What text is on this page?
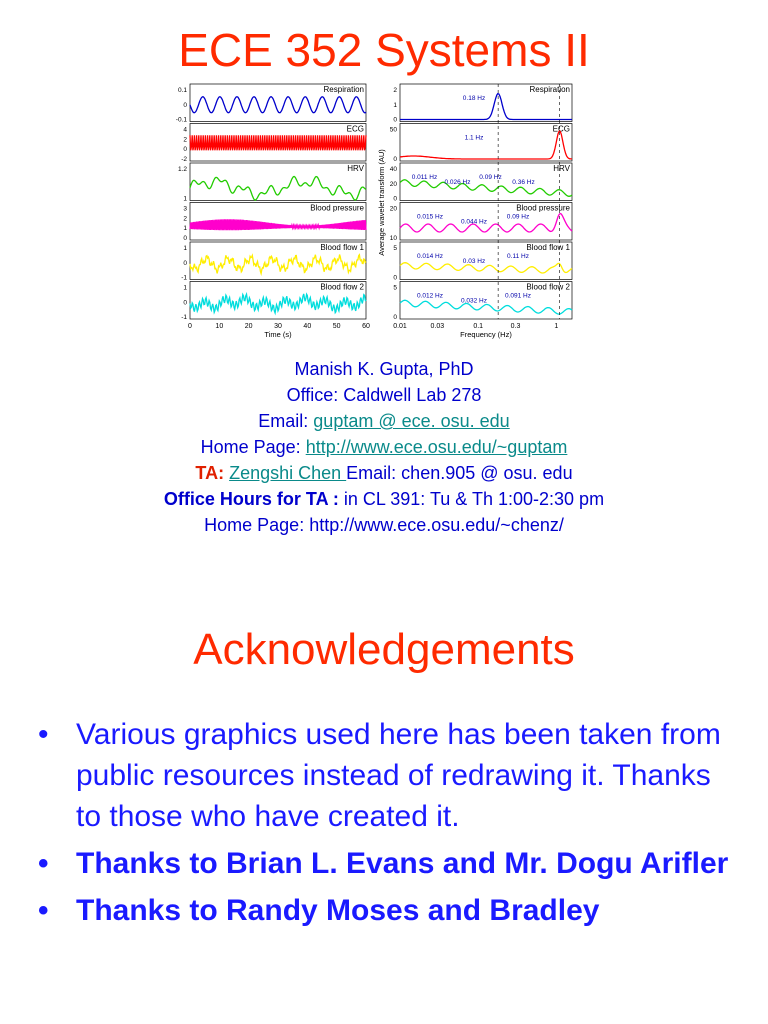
ECE 352 Systems II
Respiration
0.1
0
-0.1
ECG
4
2
0
-2
HRV
1.2
1
Blood pressure
3
2
1
0
Blood flow 1
1
0
-1
Blood flow 2
1
0
-1
0	10	20	30	40	50	60
Time (s)
Respiration
2
1
0
0.18 Hz
ECG
50
0
1.1 Hz
HRV
40
20
0
0.011 Hz
0.026 Hz
0.09 Hz
0.36 Hz
Blood pressure
20
10
0.015 Hz
0.044 Hz
0.09 Hz
Blood flow 1
5
0
0.014 Hz
0.03 Hz
0.11 Hz
Blood flow 2
5
0
0.012 Hz
0.032 Hz
0.091 Hz
0.01	0.03	0.1	0.3	1
Frequency (Hz)
Average wavelet transform (AU)
Manish K. Gupta, PhD
Office: Caldwell Lab 278
Email: guptam @ ece. osu. edu
Home Page: http://www.ece.osu.edu/~guptam
TA: Zengshi Chen Email: chen.905 @ osu. edu
Office Hours for TA : in CL 391: Tu & Th 1:00-2:30 pm
Home Page: http://www.ece.osu.edu/~chenz/
Acknowledgements
• Various graphics used here has been taken from public resources instead of redrawing it. Thanks to those who have created it.
• Thanks to Brian L. Evans and Mr. Dogu Arifler
• Thanks to Randy Moses and Bradley
